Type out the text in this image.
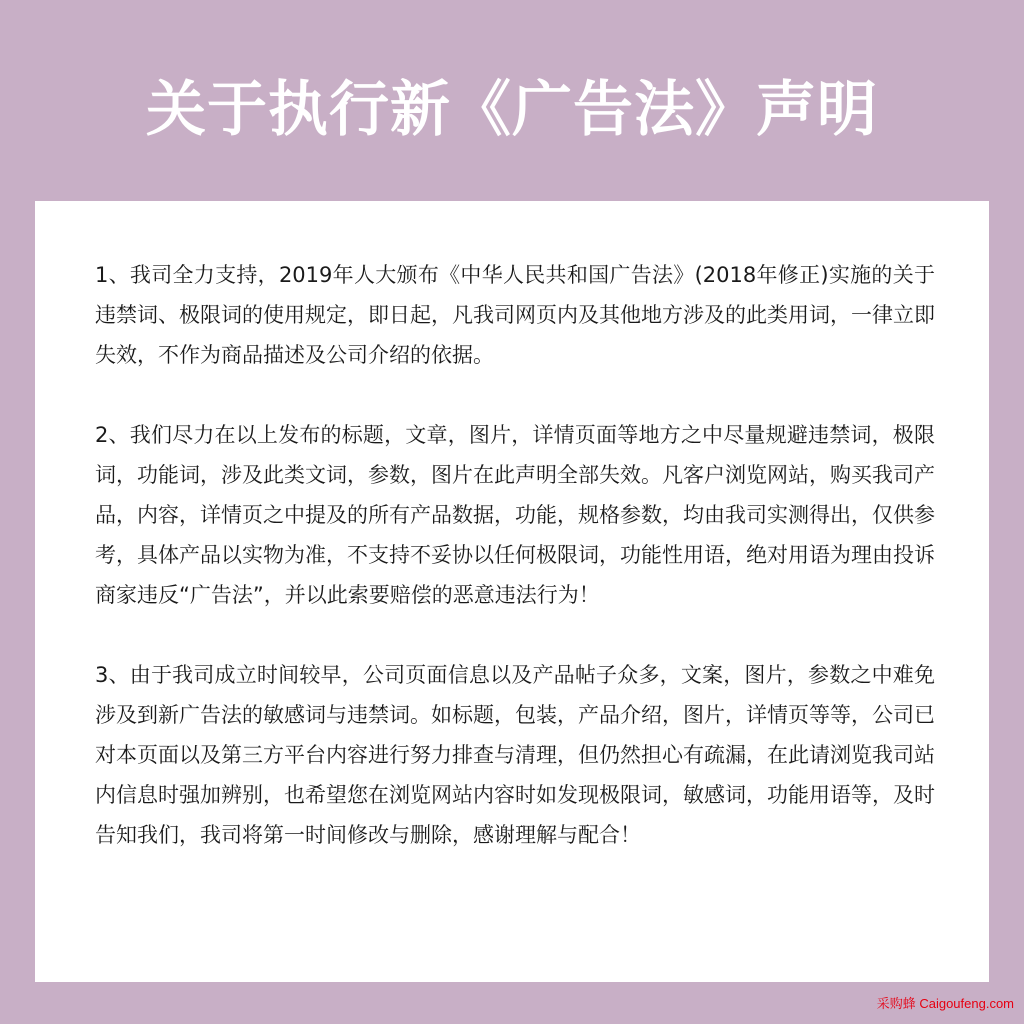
关于执行新《广告法》声明

1、我司全力支持，2019年人大颁布《中华人民共和国广告法》(2018年修正)实施的关于违禁词、极限词的使用规定，即日起，凡我司网页内及其他地方涉及的此类用词，一律立即失效，不作为商品描述及公司介绍的依据。

2、我们尽力在以上发布的标题，文章，图片，详情页面等地方之中尽量规避违禁词，极限词，功能词，涉及此类文词，参数，图片在此声明全部失效。凡客户浏览网站，购买我司产品，内容，详情页之中提及的所有产品数据，功能，规格参数，均由我司实测得出，仅供参考，具体产品以实物为准，不支持不妥协以任何极限词，功能性用语，绝对用语为理由投诉商家违反“广告法”，并以此索要赔偿的恶意违法行为！

3、由于我司成立时间较早，公司页面信息以及产品帖子众多，文案，图片，参数之中难免涉及到新广告法的敏感词与违禁词。如标题，包装，产品介绍，图片，详情页等等，公司已对本页面以及第三方平台内容进行努力排查与清理，但仍然担心有疏漏，在此请浏览我司站内信息时强加辨别，也希望您在浏览网站内容时如发现极限词，敏感词，功能用语等，及时告知我们，我司将第一时间修改与删除，感谢理解与配合！

采购蜂 Caigoufeng.com
